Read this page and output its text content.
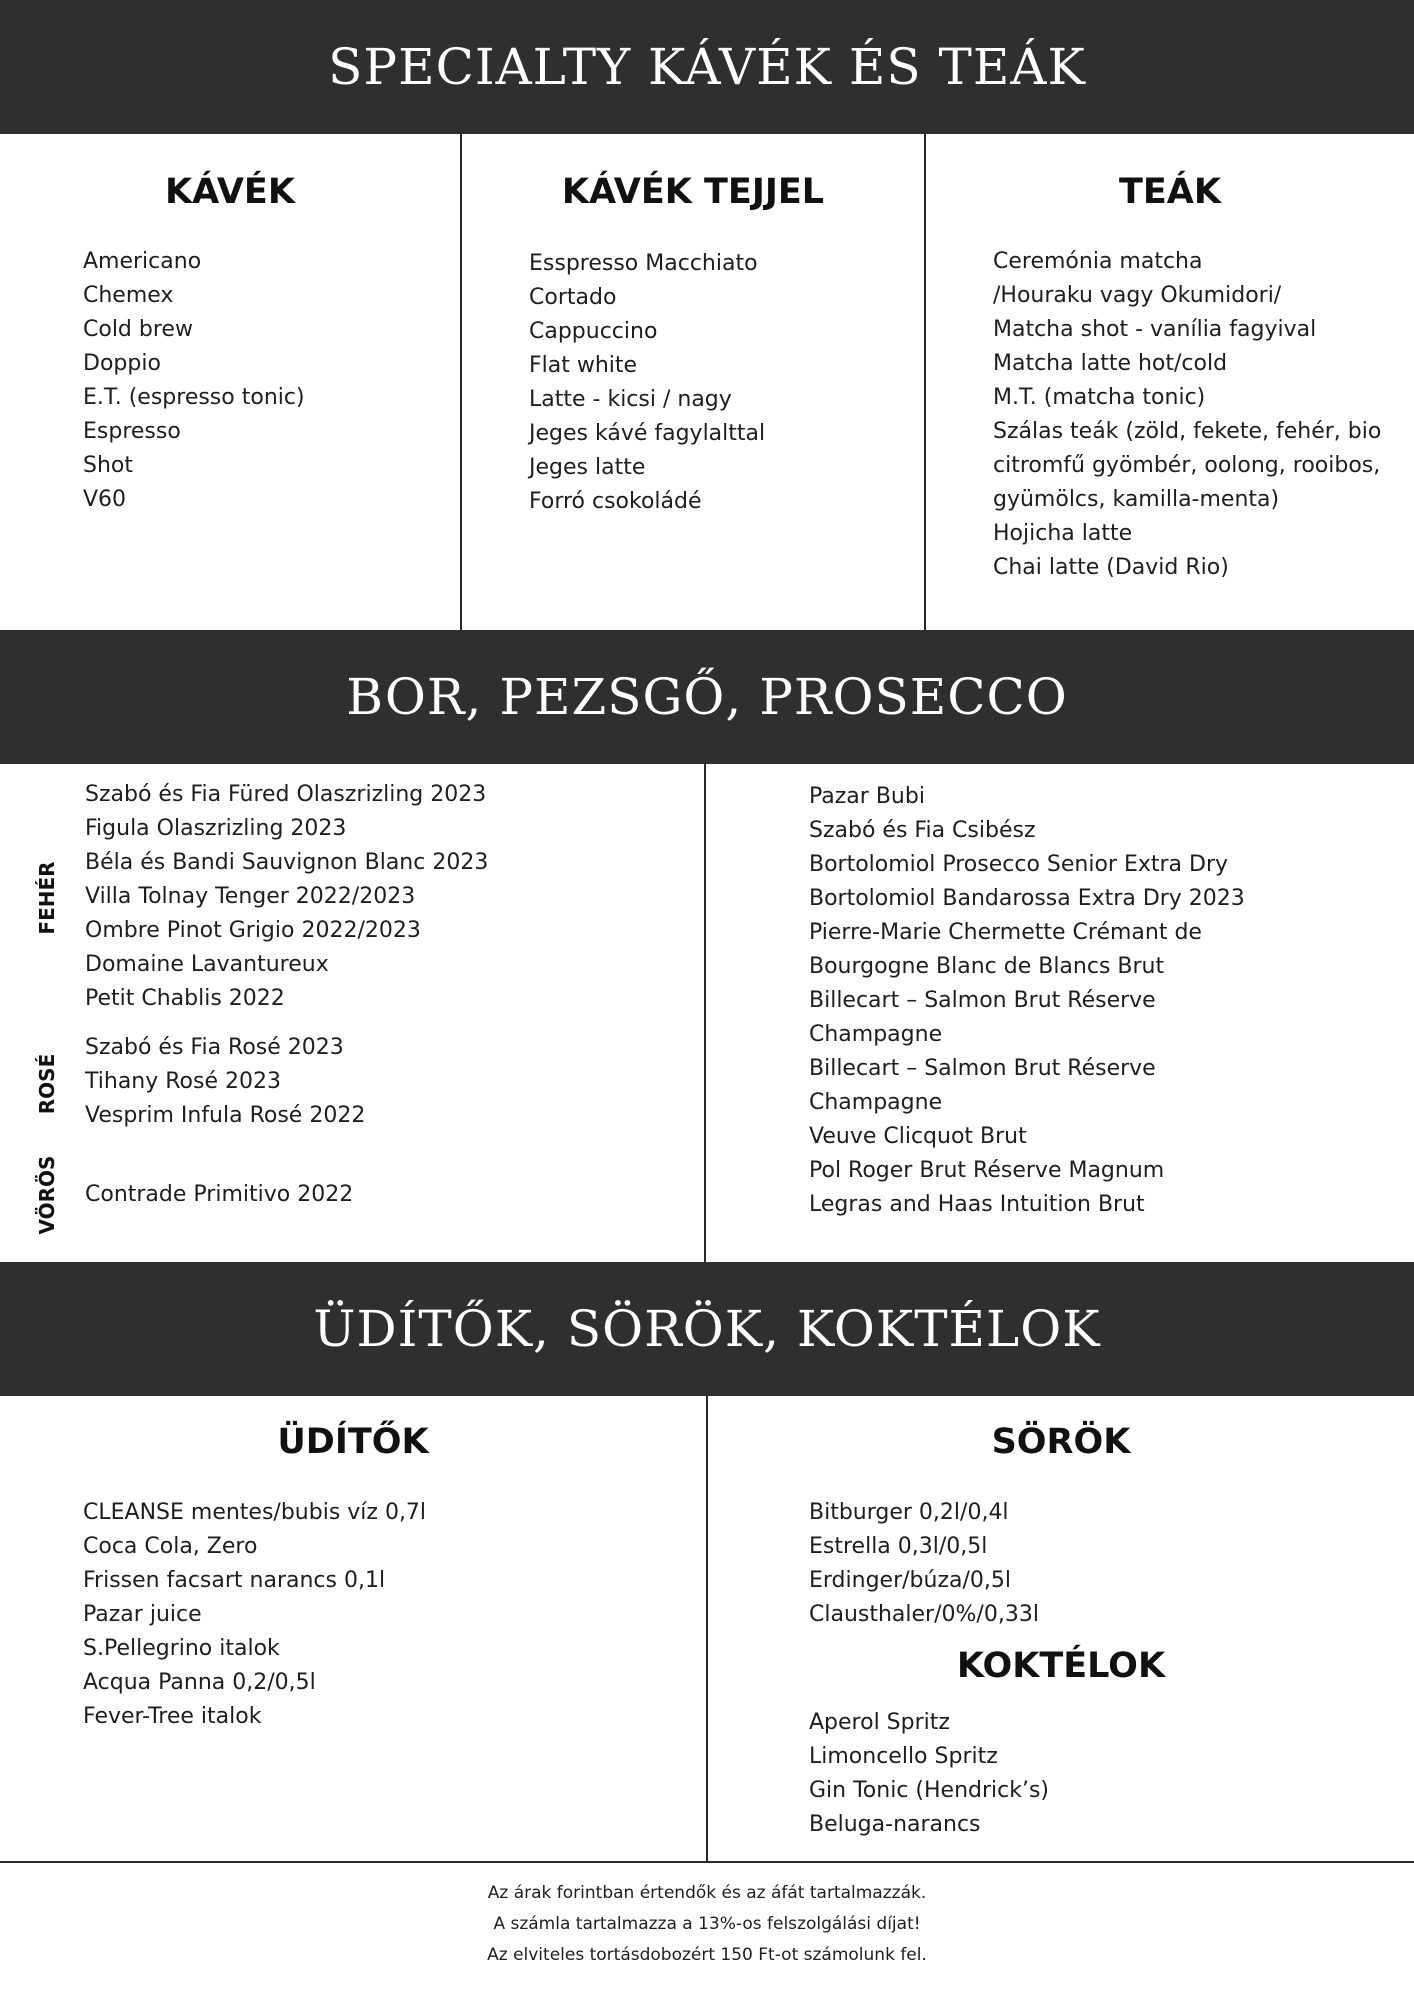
SPECIALTY KÁVÉK ÉS TEÁK
KÁVÉK
Americano
Chemex
Cold brew
Doppio
E.T. (espresso tonic)
Espresso
Shot
V60
KÁVÉK TEJJEL
Esspresso Macchiato
Cortado
Cappuccino
Flat white
Latte - kicsi / nagy
Jeges kávé fagylalttal
Jeges latte
Forró csokoládé
TEÁK
Ceremónia matcha
/Houraku vagy Okumidori/
Matcha shot - vanília fagyival
Matcha latte hot/cold
M.T. (matcha tonic)
Szálas teák (zöld, fekete, fehér, bio
citromfű gyömbér, oolong, rooibos,
gyümölcs, kamilla-menta)
Hojicha latte
Chai latte (David Rio)
BOR, PEZSGŐ, PROSECCO
FEHÉR
Szabó és Fia Füred Olaszrizling 2023
Figula Olaszrizling 2023
Béla és Bandi Sauvignon Blanc 2023
Villa Tolnay Tenger 2022/2023
Ombre Pinot Grigio 2022/2023
Domaine Lavantureux
Petit Chablis 2022
ROSÉ
Szabó és Fia Rosé 2023
Tihany Rosé 2023
Vesprim Infula Rosé 2022
VÖRÖS Contrade Primitivo 2022
Pazar Bubi
Szabó és Fia Csibész
Bortolomiol Prosecco Senior Extra Dry
Bortolomiol Bandarossa Extra Dry 2023
Pierre-Marie Chermette Crémant de
Bourgogne Blanc de Blancs Brut
Billecart – Salmon Brut Réserve
Champagne
Billecart – Salmon Brut Réserve
Champagne
Veuve Clicquot Brut
Pol Roger Brut Réserve Magnum
Legras and Haas Intuition Brut
ÜDÍTŐK, SÖRÖK, KOKTÉLOK
ÜDÍTŐK
CLEANSE mentes/bubis víz 0,7l
Coca Cola, Zero
Frissen facsart narancs 0,1l
Pazar juice
S.Pellegrino italok
Acqua Panna 0,2/0,5l
Fever-Tree italok
SÖRÖK
Bitburger 0,2l/0,4l
Estrella 0,3l/0,5l
Erdinger/búza/0,5l
Clausthaler/0%/0,33l
KOKTÉLOK
Aperol Spritz
Limoncello Spritz
Gin Tonic (Hendrick’s)
Beluga-narancs

Az árak forintban értendők és az áfát tartalmazzák.

A számla tartalmazza a 13%-os felszolgálási díjat!

Az elviteles tortásdobozért 150 Ft-ot számolunk fel.
